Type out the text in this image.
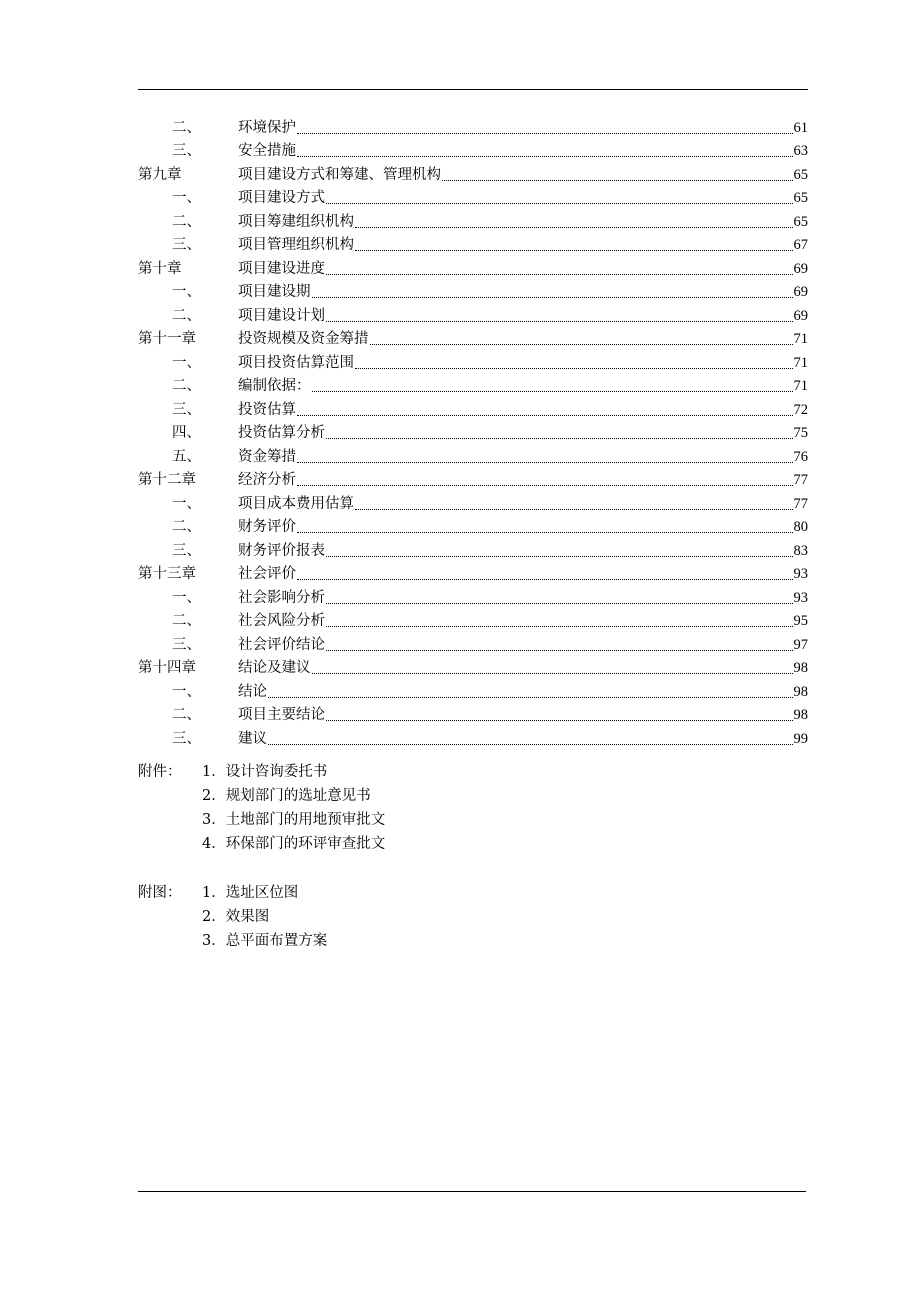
二、	环境保护	61
三、	安全措施	63
第九章	项目建设方式和筹建、管理机构	65
一、	项目建设方式	65
二、	项目筹建组织机构	65
三、	项目管理组织机构	67
第十章	项目建设进度	69
一、	项目建设期	69
二、	项目建设计划	69
第十一章	投资规模及资金筹措	71
一、	项目投资估算范围	71
二、	编制依据：	71
三、	投资估算	72
四、	投资估算分析	75
五、	资金筹措	76
第十二章	经济分析	77
一、	项目成本费用估算	77
二、	财务评价	80
三、	财务评价报表	83
第十三章	社会评价	93
一、	社会影响分析	93
二、	社会风险分析	95
三、	社会评价结论	97
第十四章	结论及建议	98
一、	结论	98
二、	项目主要结论	98
三、	建议	99
附件： 1．设计咨询委托书
2．规划部门的选址意见书
3．土地部门的用地预审批文
4．环保部门的环评审查批文
附图： 1．选址区位图
2．效果图
3．总平面布置方案
